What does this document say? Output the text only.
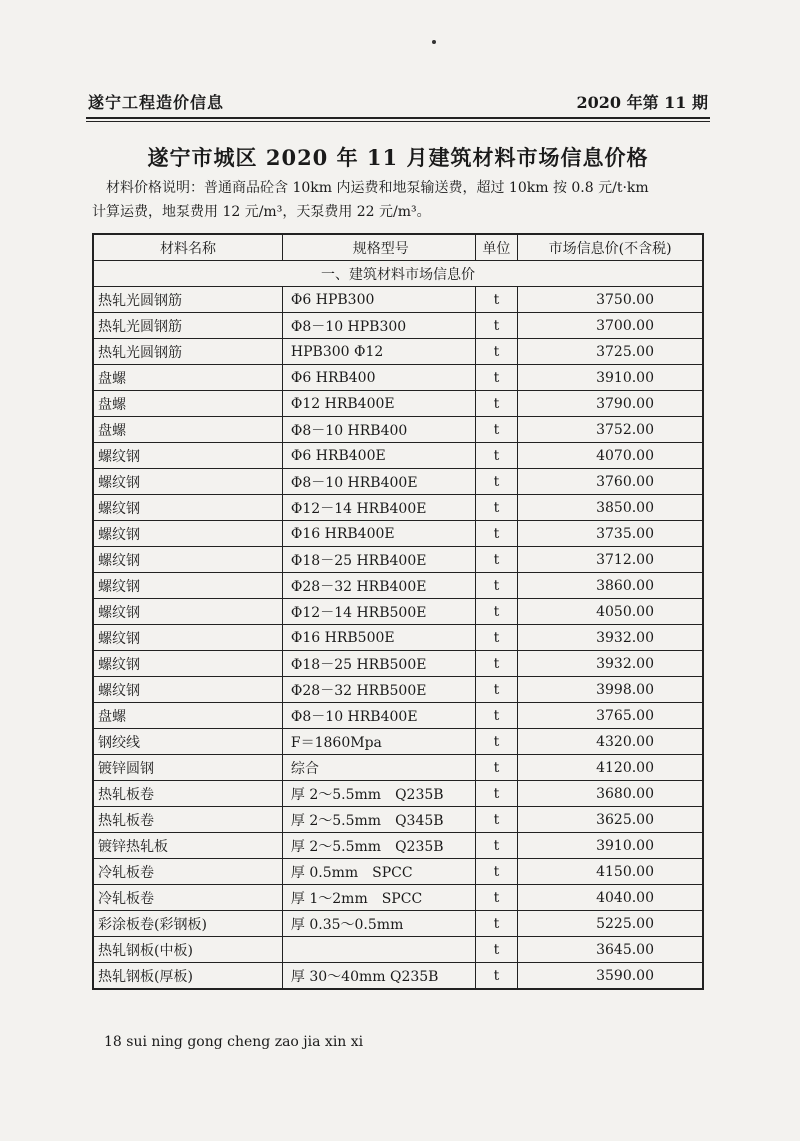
遂宁工程造价信息	2020 年第 11 期
遂宁市城区 2020 年 11 月建筑材料市场信息价格
材料价格说明：普通商品砼含 10km 内运费和地泵输送费，超过 10km 按 0.8 元/t·km
计算运费，地泵费用 12 元/m³，天泵费用 22 元/m³。
材料名称	规格型号	单位	市场信息价(不含税)
一、建筑材料市场信息价			
热轧光圆钢筋	Φ6 HPB300	t	3750.00
热轧光圆钢筋	Φ8－10 HPB300	t	3700.00
热轧光圆钢筋	HPB300 Φ12	t	3725.00
盘螺	Φ6 HRB400	t	3910.00
盘螺	Φ12 HRB400E	t	3790.00
盘螺	Φ8－10 HRB400	t	3752.00
螺纹钢	Φ6 HRB400E	t	4070.00
螺纹钢	Φ8－10 HRB400E	t	3760.00
螺纹钢	Φ12－14 HRB400E	t	3850.00
螺纹钢	Φ16 HRB400E	t	3735.00
螺纹钢	Φ18－25 HRB400E	t	3712.00
螺纹钢	Φ28－32 HRB400E	t	3860.00
螺纹钢	Φ12－14 HRB500E	t	4050.00
螺纹钢	Φ16 HRB500E	t	3932.00
螺纹钢	Φ18－25 HRB500E	t	3932.00
螺纹钢	Φ28－32 HRB500E	t	3998.00
盘螺	Φ8－10 HRB400E	t	3765.00
钢绞线	F＝1860Mpa	t	4320.00
镀锌圆钢	综合	t	4120.00
热轧板卷	厚 2～5.5mm　Q235B	t	3680.00
热轧板卷	厚 2～5.5mm　Q345B	t	3625.00
镀锌热轧板	厚 2～5.5mm　Q235B	t	3910.00
冷轧板卷	厚 0.5mm　SPCC	t	4150.00
冷轧板卷	厚 1～2mm　SPCC	t	4040.00
彩涂板卷(彩钢板)	厚 0.35～0.5mm	t	5225.00
热轧钢板(中板)		t	3645.00
热轧钢板(厚板)	厚 30～40mm Q235B	t	3590.00
18 sui ning gong cheng zao jia xin xi
